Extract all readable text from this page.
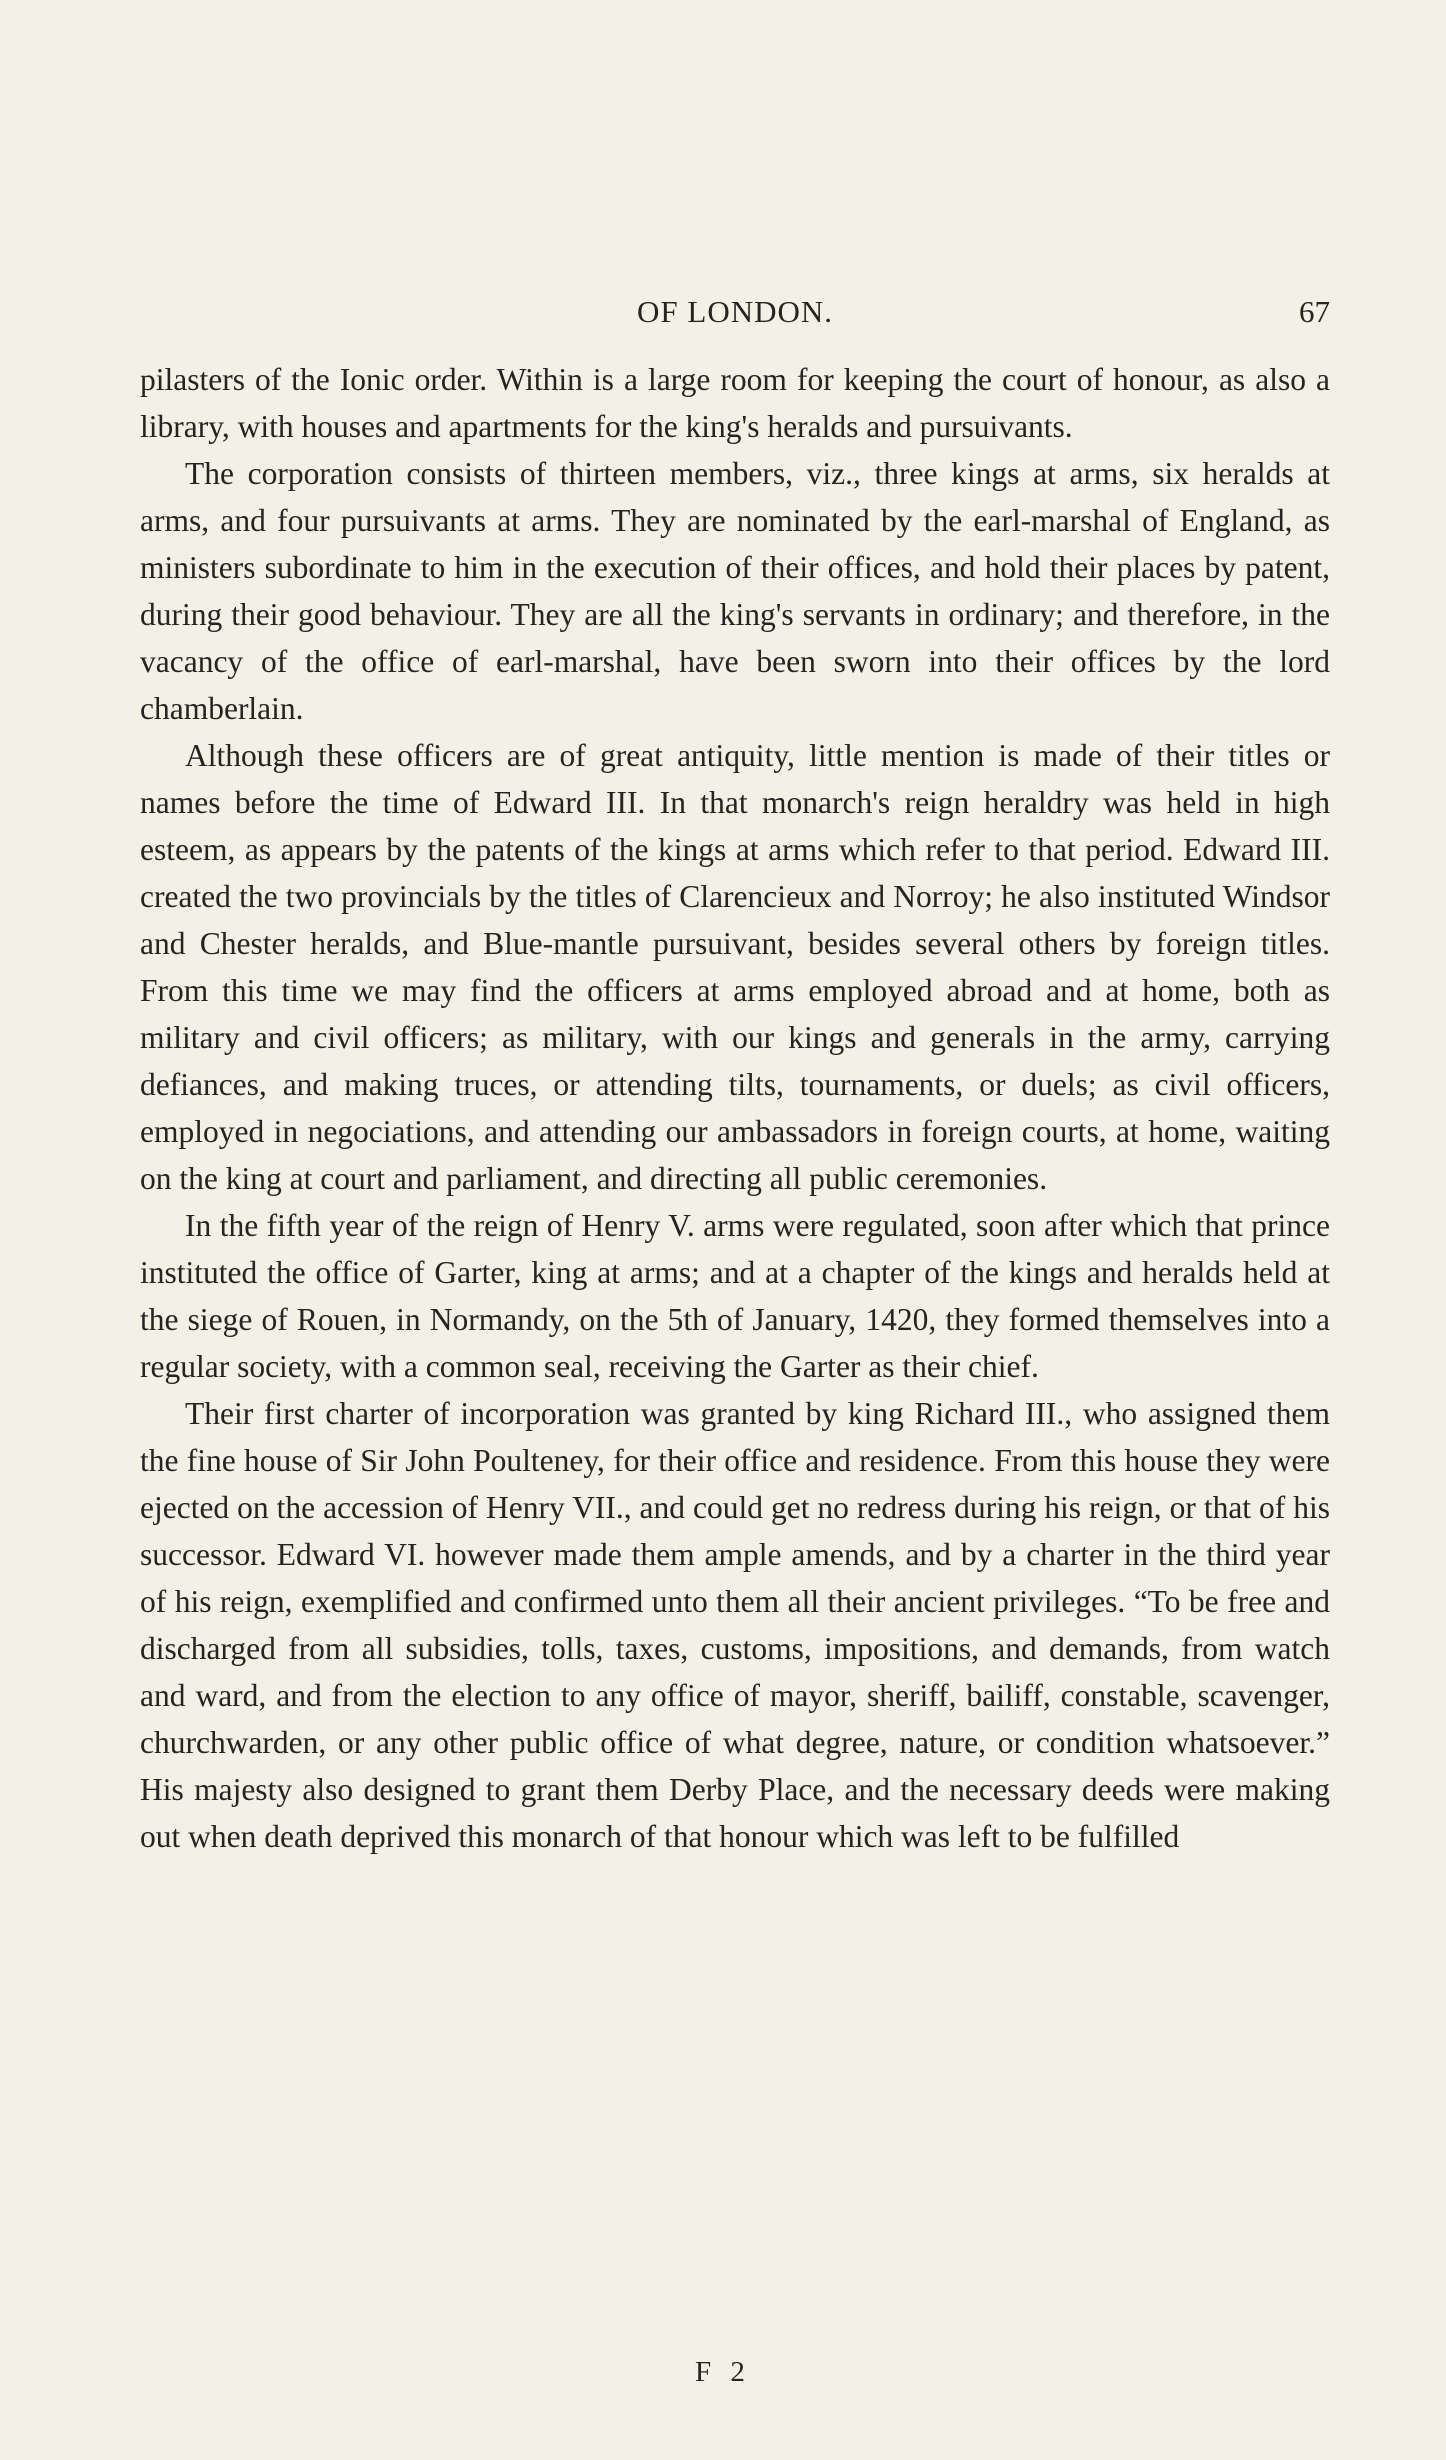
OF LONDON.	67

pilasters of the Ionic order. Within is a large room for keeping the court of honour, as also a library, with houses and apartments for the king's heralds and pursuivants.

The corporation consists of thirteen members, viz., three kings at arms, six heralds at arms, and four pursuivants at arms. They are nominated by the earl-marshal of England, as ministers subordinate to him in the execution of their offices, and hold their places by patent, during their good behaviour. They are all the king's servants in ordinary; and therefore, in the vacancy of the office of earl-marshal, have been sworn into their offices by the lord chamberlain.

Although these officers are of great antiquity, little mention is made of their titles or names before the time of Edward III. In that monarch's reign heraldry was held in high esteem, as appears by the patents of the kings at arms which refer to that period. Edward III. created the two provincials by the titles of Clarencieux and Norroy; he also instituted Windsor and Chester heralds, and Blue-mantle pursuivant, besides several others by foreign titles. From this time we may find the officers at arms employed abroad and at home, both as military and civil officers; as military, with our kings and generals in the army, carrying defiances, and making truces, or attending tilts, tournaments, or duels; as civil officers, employed in negociations, and attending our ambassadors in foreign courts, at home, waiting on the king at court and parliament, and directing all public ceremonies.

In the fifth year of the reign of Henry V. arms were regulated, soon after which that prince instituted the office of Garter, king at arms; and at a chapter of the kings and heralds held at the siege of Rouen, in Normandy, on the 5th of January, 1420, they formed themselves into a regular society, with a common seal, receiving the Garter as their chief.

Their first charter of incorporation was granted by king Richard III., who assigned them the fine house of Sir John Poulteney, for their office and residence. From this house they were ejected on the accession of Henry VII., and could get no redress during his reign, or that of his successor. Edward VI. however made them ample amends, and by a charter in the third year of his reign, exemplified and confirmed unto them all their ancient privileges. “To be free and discharged from all subsidies, tolls, taxes, customs, impositions, and demands, from watch and ward, and from the election to any office of mayor, sheriff, bailiff, constable, scavenger, churchwarden, or any other public office of what degree, nature, or condition whatsoever.” His majesty also designed to grant them Derby Place, and the necessary deeds were making out when death deprived this monarch of that honour which was left to be fulfilled

F 2
